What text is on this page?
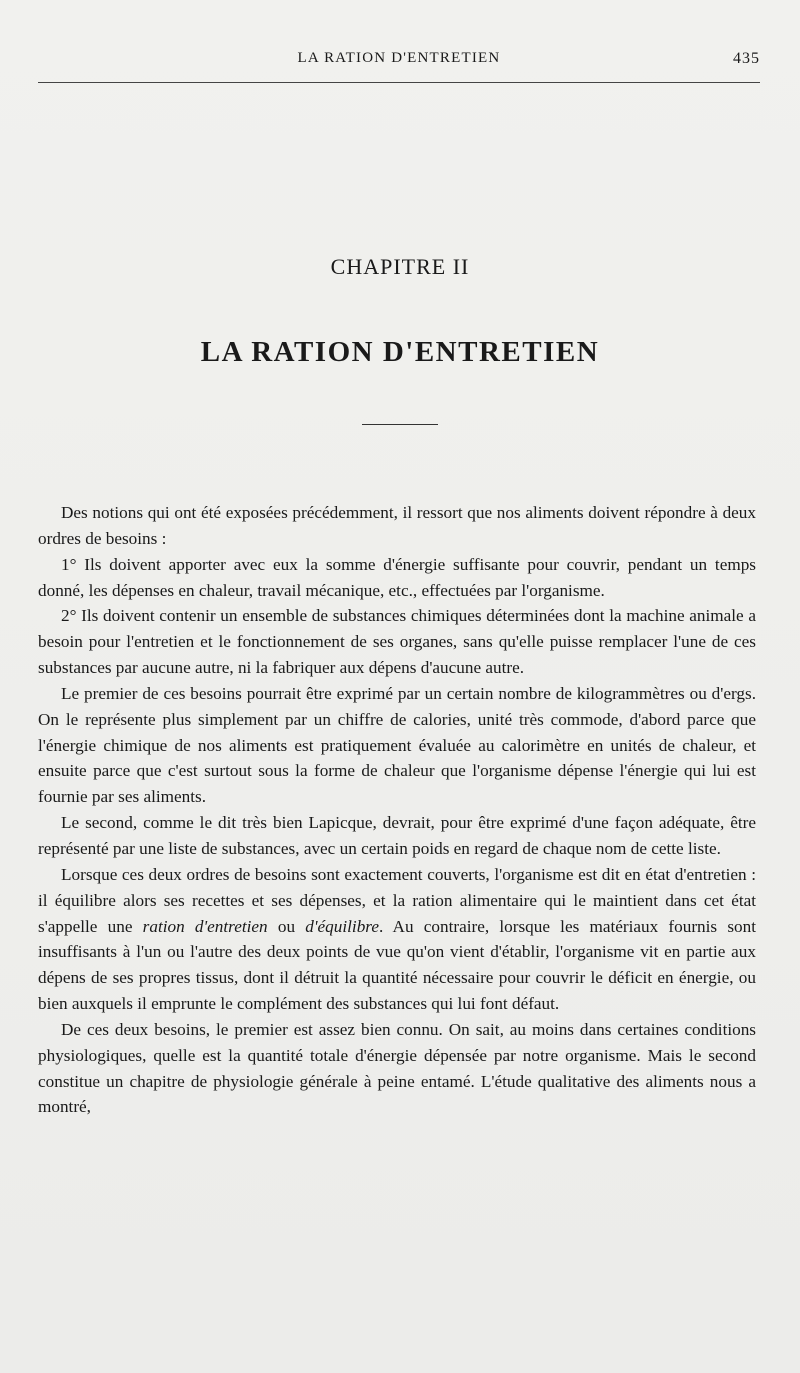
LA RATION D'ENTRETIEN	435
CHAPITRE II
LA RATION D'ENTRETIEN

Des notions qui ont été exposées précédemment, il ressort que nos aliments doivent répondre à deux ordres de besoins :

1° Ils doivent apporter avec eux la somme d'énergie suffisante pour couvrir, pendant un temps donné, les dépenses en chaleur, travail mécanique, etc., effectuées par l'organisme.

2° Ils doivent contenir un ensemble de substances chimiques déterminées dont la machine animale a besoin pour l'entretien et le fonctionnement de ses organes, sans qu'elle puisse remplacer l'une de ces substances par aucune autre, ni la fabriquer aux dépens d'aucune autre.

Le premier de ces besoins pourrait être exprimé par un certain nombre de kilogrammètres ou d'ergs. On le représente plus simplement par un chiffre de calories, unité très commode, d'abord parce que l'énergie chimique de nos aliments est pratiquement évaluée au calorimètre en unités de chaleur, et ensuite parce que c'est surtout sous la forme de chaleur que l'organisme dépense l'énergie qui lui est fournie par ses aliments.

Le second, comme le dit très bien Lapicque, devrait, pour être exprimé d'une façon adéquate, être représenté par une liste de substances, avec un certain poids en regard de chaque nom de cette liste.

Lorsque ces deux ordres de besoins sont exactement couverts, l'organisme est dit en état d'entretien : il équilibre alors ses recettes et ses dépenses, et la ration alimentaire qui le maintient dans cet état s'appelle une ration d'entretien ou d'équilibre. Au contraire, lorsque les matériaux fournis sont insuffisants à l'un ou l'autre des deux points de vue qu'on vient d'établir, l'organisme vit en partie aux dépens de ses propres tissus, dont il détruit la quantité nécessaire pour couvrir le déficit en énergie, ou bien auxquels il emprunte le complément des substances qui lui font défaut.

De ces deux besoins, le premier est assez bien connu. On sait, au moins dans certaines conditions physiologiques, quelle est la quantité totale d'énergie dépensée par notre organisme. Mais le second constitue un chapitre de physiologie générale à peine entamé. L'étude qualitative des aliments nous a montré,
